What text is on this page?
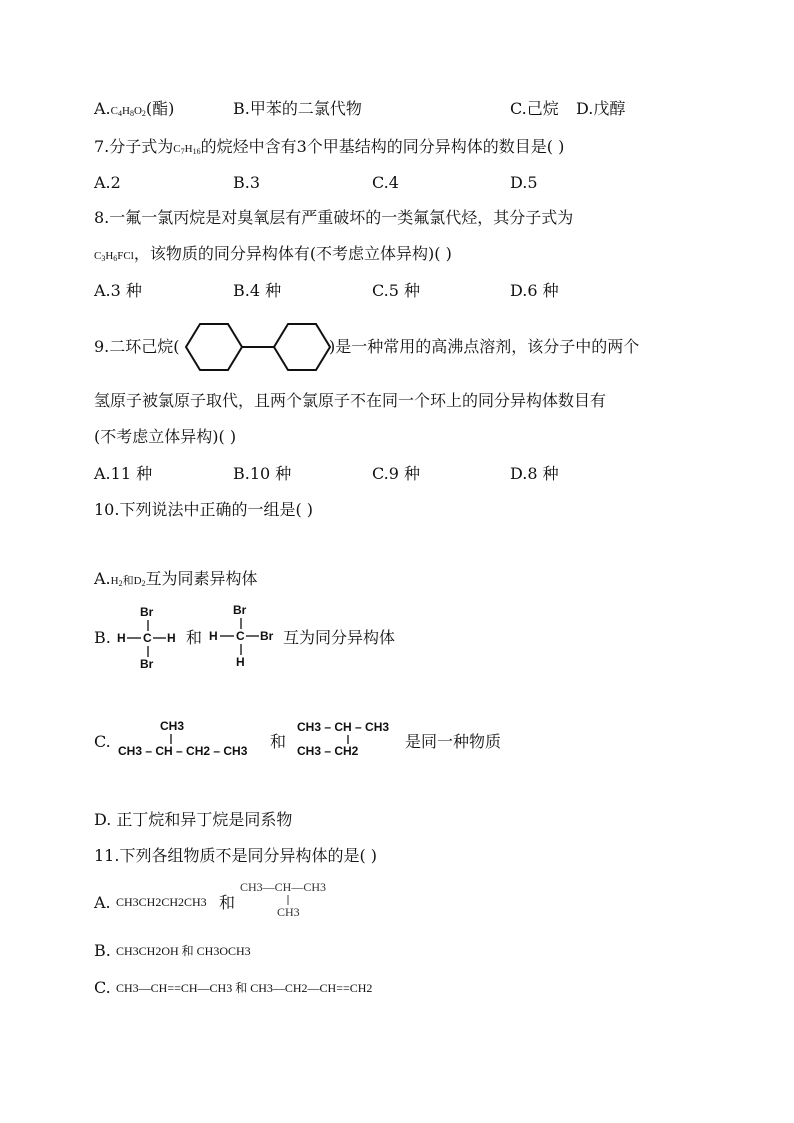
$A.C_4H_8O_2$(酯)	B.甲苯的二氯代物	C.己烷 D.戊醇
7.分子式为$C_7H_{16}$的烷烃中含有3个甲基结构的同分异构体的数目是( )
A.2	B.3	C.4	D.5
8.一氟一氯丙烷是对臭氧层有严重破坏的一类氟氯代烃，其分子式为
$C_3H_6FCl$，该物质的同分异构体有(不考虑立体异构)( )
A.3 种	B.4 种	C.5 种	D.6 种
9.二环己烷(	)是一种常用的高沸点溶剂，该分子中的两个
氢原子被氯原子取代，且两个氯原子不在同一个环上的同分异构体数目有
(不考虑立体异构)( )
A.11 种	B.10 种	C.9 种	D.8 种
10.下列说法中正确的一组是( )
$A.H_2$和$D_2$互为同素异构体
B.
Br
H C H
Br
和
Br
H C Br
H
互为同分异构体
C.
CH3
CH3 – CH – CH2 – CH3 和
CH3 – CH – CH3
CH3 – CH2	是同一种物质
D. 正丁烷和异丁烷是同系物
11.下列各组物质不是同分异构体的是( )
A. CH3CH2CH2CH3 和
CH3—CH—CH3
CH3
B. CH3CH2OH 和 CH3OCH3
C. CH3—CH==CH—CH3 和 CH3—CH2—CH==CH2
